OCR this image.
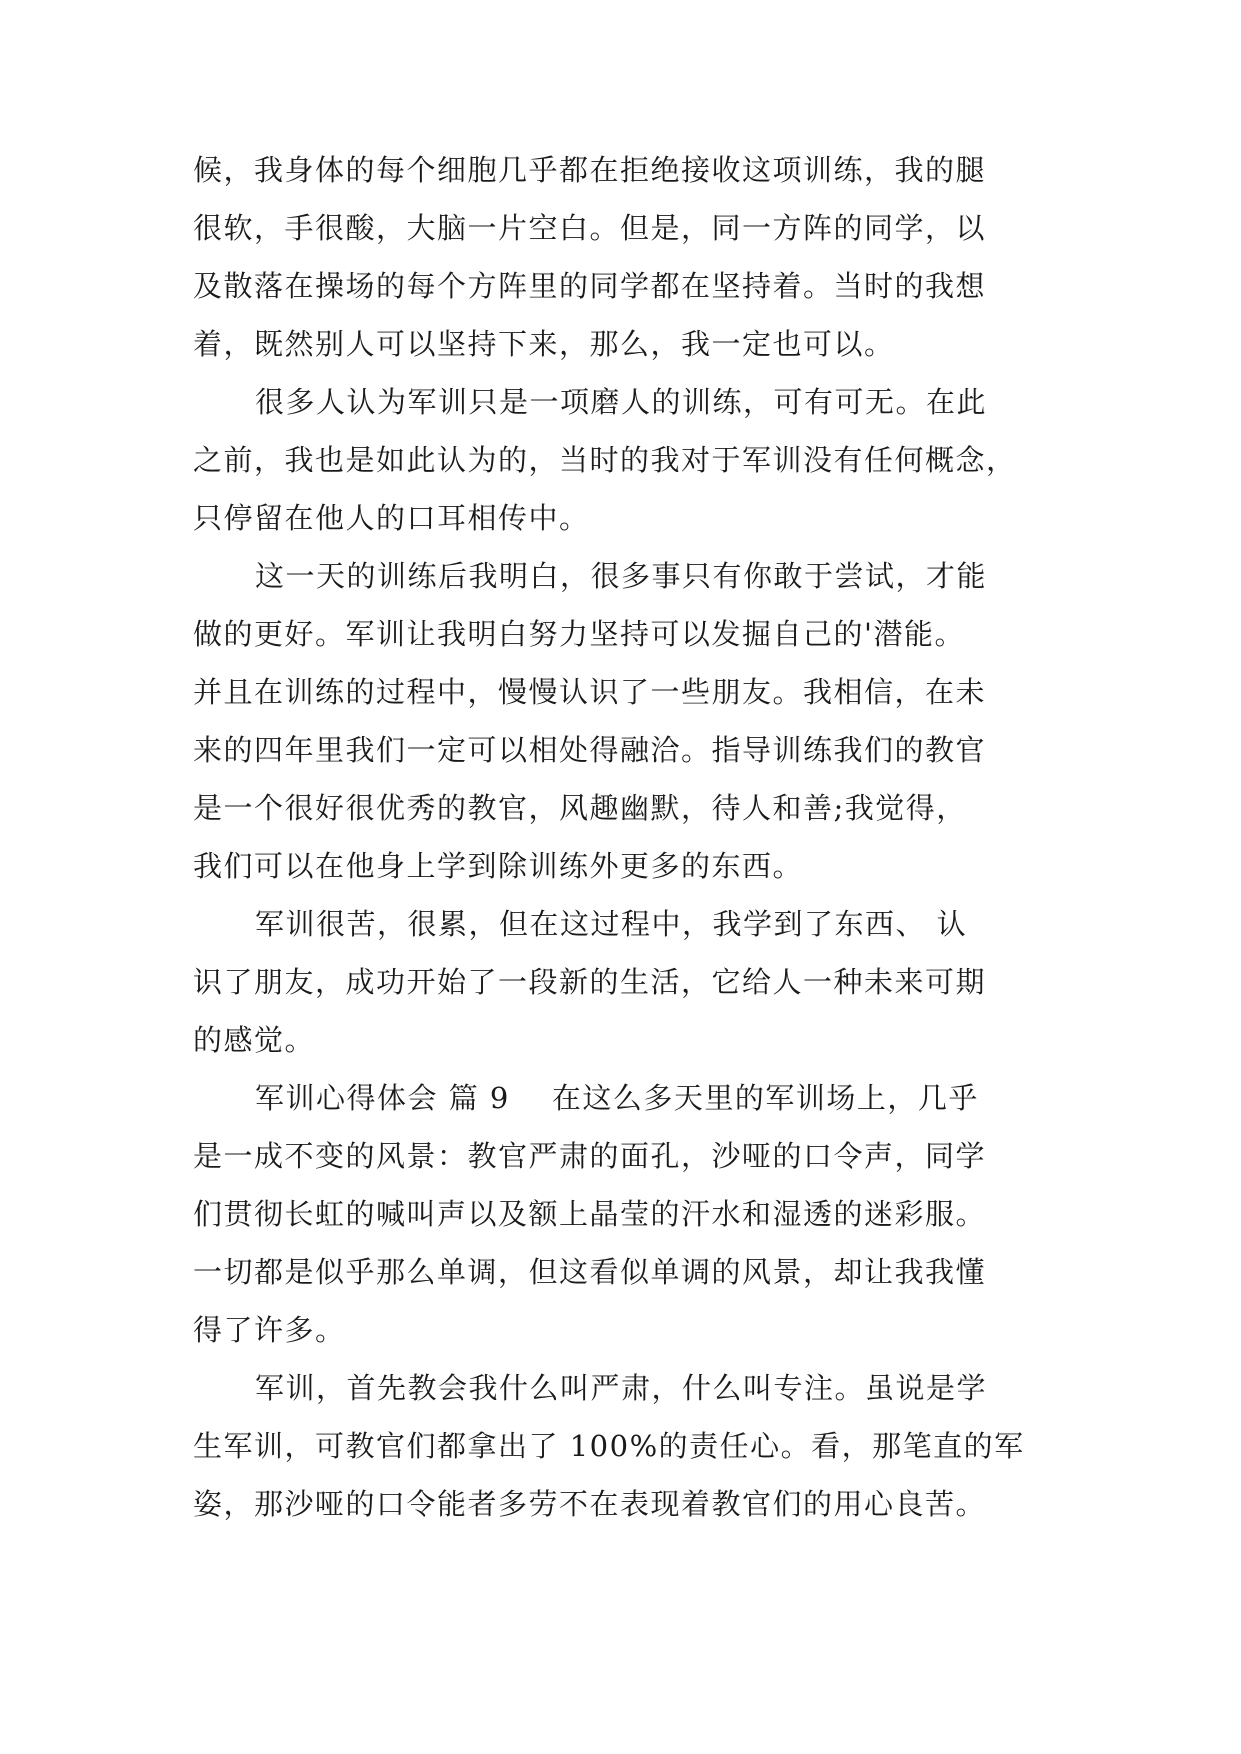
候，我身体的每个细胞几乎都在拒绝接收这项训练，我的腿
很软，手很酸，大脑一片空白。但是，同一方阵的同学，以
及散落在操场的每个方阵里的同学都在坚持着。当时的我想
着，既然别人可以坚持下来，那么，我一定也可以。
很多人认为军训只是一项磨人的训练，可有可无。在此
之前，我也是如此认为的，当时的我对于军训没有任何概念，
只停留在他人的口耳相传中。
这一天的训练后我明白，很多事只有你敢于尝试，才能
做的更好。军训让我明白努力坚持可以发掘自己的'潜能。
并且在训练的过程中，慢慢认识了一些朋友。我相信，在未
来的四年里我们一定可以相处得融洽。指导训练我们的教官
是一个很好很优秀的教官，风趣幽默，待人和善;我觉得，
我们可以在他身上学到除训练外更多的东西。
军训很苦，很累，但在这过程中，我学到了东西、 认
识了朋友，成功开始了一段新的生活，它给人一种未来可期
的感觉。
军训心得体会 篇 9 在这么多天里的军训场上，几乎
是一成不变的风景：教官严肃的面孔，沙哑的口令声，同学
们贯彻长虹的喊叫声以及额上晶莹的汗水和湿透的迷彩服。
一切都是似乎那么单调，但这看似单调的风景，却让我我懂
得了许多。
军训，首先教会我什么叫严肃，什么叫专注。虽说是学
生军训，可教官们都拿出了 100%的责任心。看，那笔直的军
姿，那沙哑的口令能者多劳不在表现着教官们的用心良苦。
